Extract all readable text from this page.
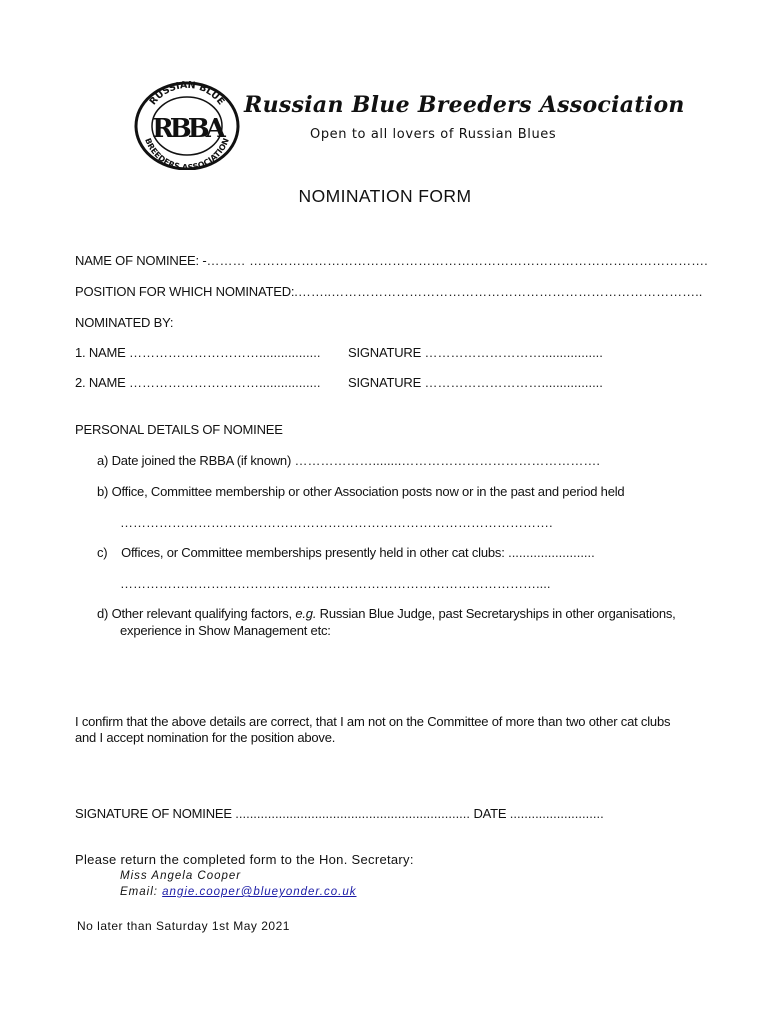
RUSSIAN BLUE
BREEDERS ASSOCIATION
RBBA
Russian Blue Breeders Association
Open to all lovers of Russian Blues
NOMINATION FORM
NAME OF NOMINEE: -……… …………………………………………………………………………………………….
POSITION FOR WHICH NOMINATED:.……..…………………………………………………………………………..
NOMINATED BY:
1. NAME …………………………................. SIGNATURE ……………………….................
2. NAME …………………………................. SIGNATURE ……………………….................
PERSONAL DETAILS OF NOMINEE
a) Date joined the RBBA (if known) ………………........……………………………………….
b) Office, Committee membership or other Association posts now or in the past and period held
……………………………………………………………………………………….
c) Offices, or Committee memberships presently held in other cat clubs: ........................
……………………………………………………………………………………....
d) Other relevant qualifying factors, e.g. Russian Blue Judge, past Secretaryships in other organisations,
experience in Show Management etc:
I confirm that the above details are correct, that I am not on the Committee of more than two other cat clubs
and I accept nomination for the position above.
SIGNATURE OF NOMINEE ................................................................. DATE ..........................
Please return the completed form to the Hon. Secretary:
Miss Angela Cooper
Email: angie.cooper@blueyonder.co.uk
No later than Saturday 1st May 2021
